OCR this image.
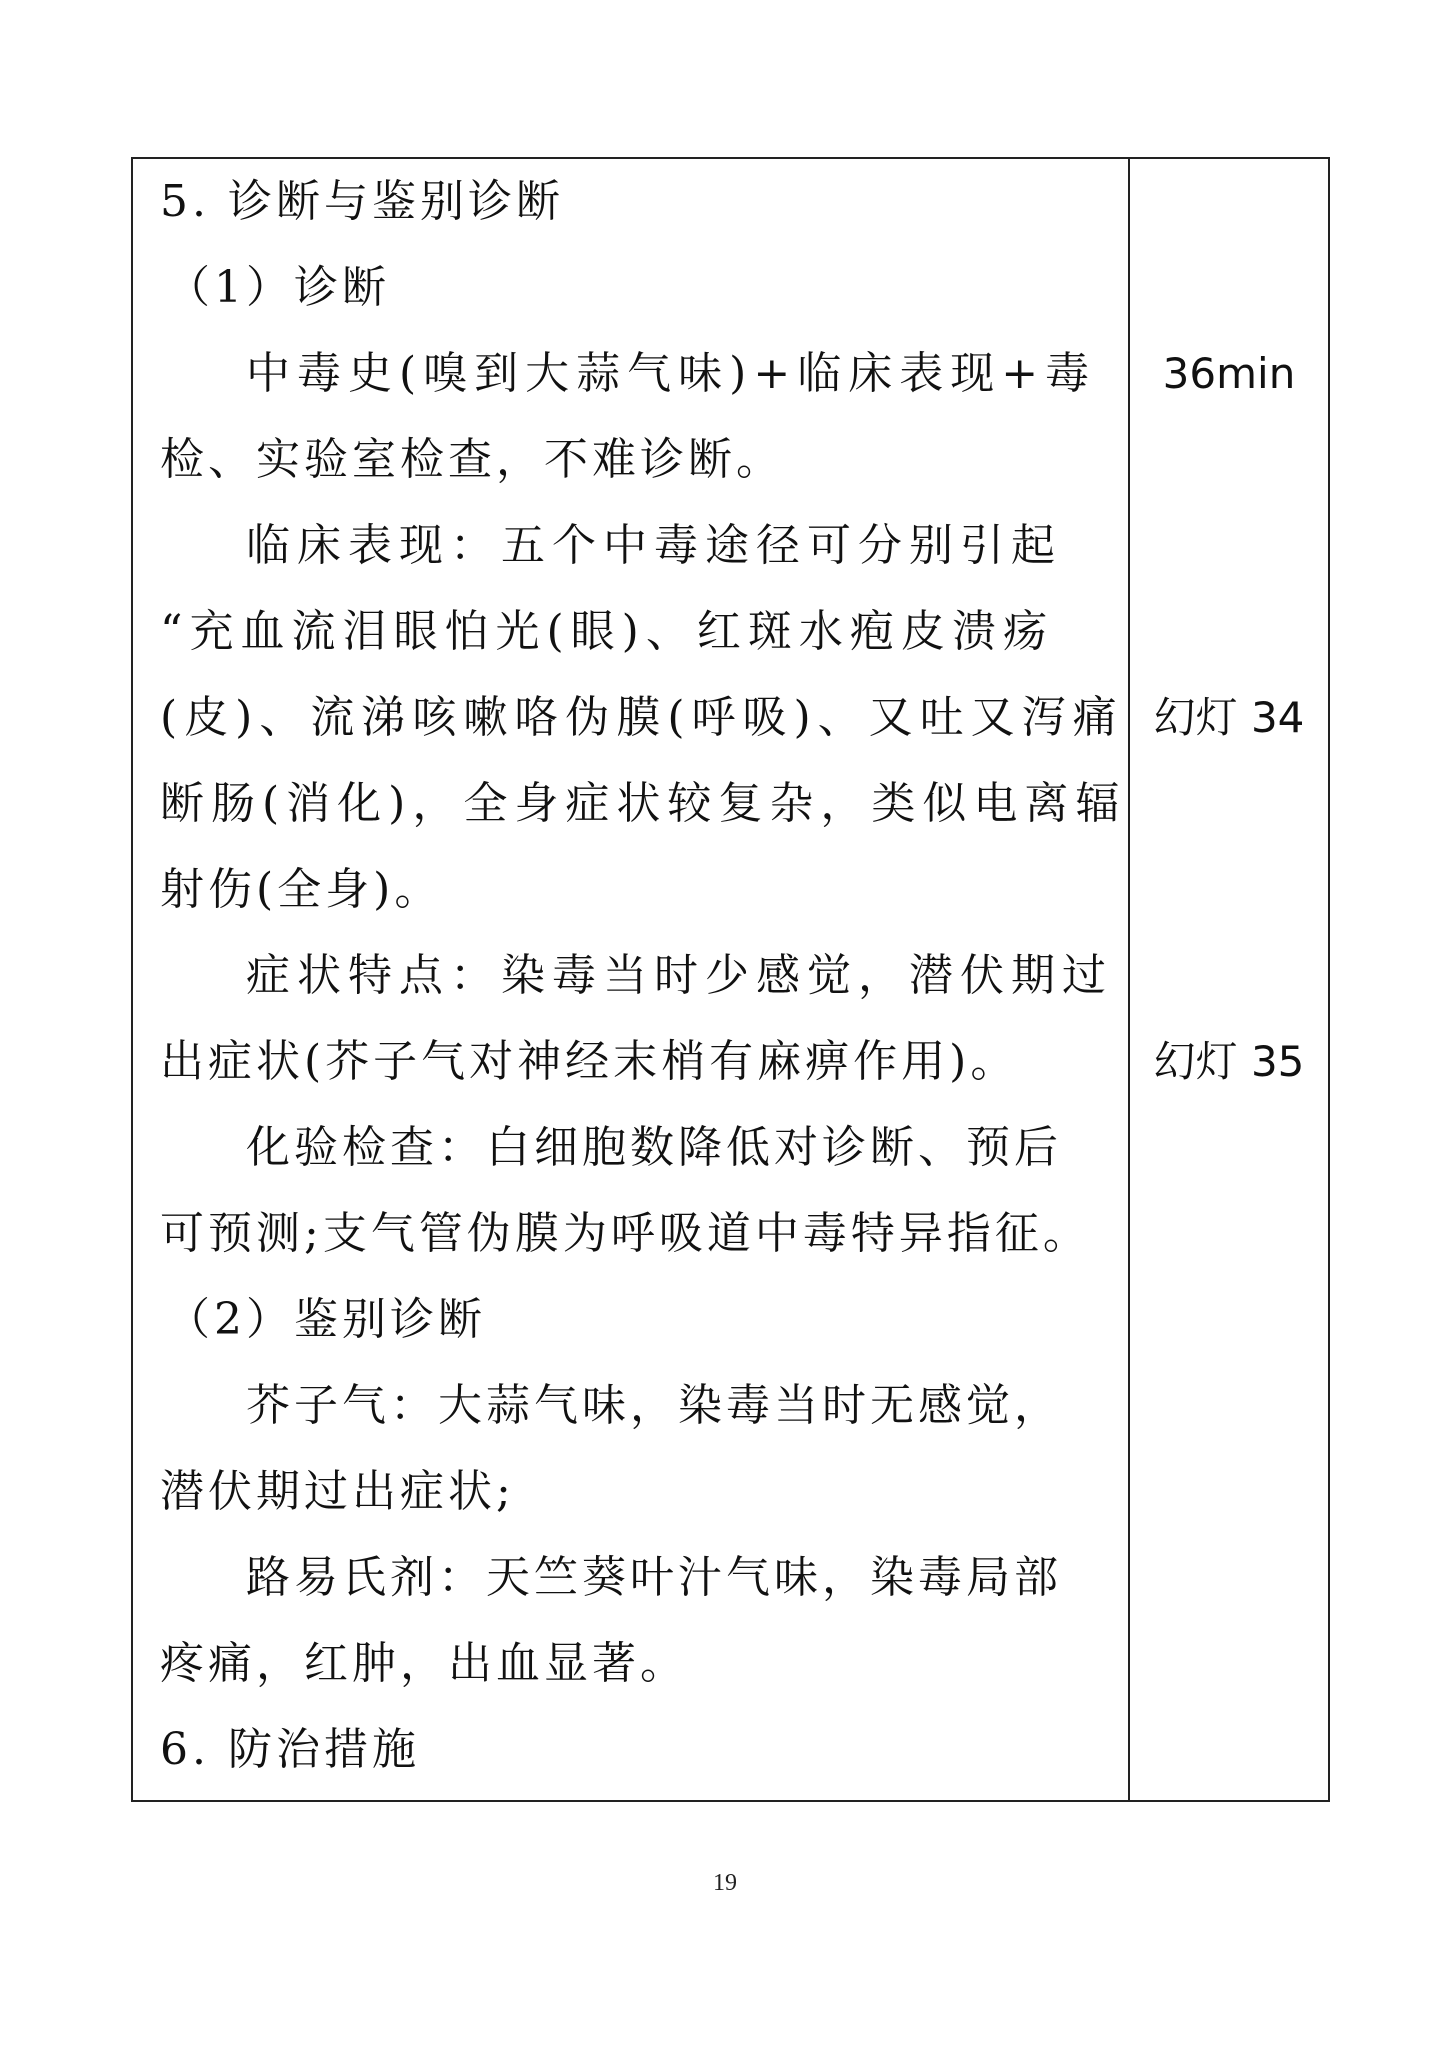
5. 诊断与鉴别诊断
（1）诊断
中毒史(嗅到大蒜气味)+临床表现+毒
检、实验室检查，不难诊断。
临床表现：五个中毒途径可分别引起
“充血流泪眼怕光(眼)、红斑水疱皮溃疡
(皮)、流涕咳嗽咯伪膜(呼吸)、又吐又泻痛
断肠(消化)，全身症状较复杂，类似电离辐
射伤(全身)。
症状特点：染毒当时少感觉，潜伏期过
出症状(芥子气对神经末梢有麻痹作用)。
化验检查：白细胞数降低对诊断、预后
可预测;支气管伪膜为呼吸道中毒特异指征。
（2）鉴别诊断
芥子气：大蒜气味，染毒当时无感觉，
潜伏期过出症状;
路易氏剂：天竺葵叶汁气味，染毒局部
疼痛，红肿，出血显著。
6. 防治措施
36min
幻灯 34
幻灯 35
19
